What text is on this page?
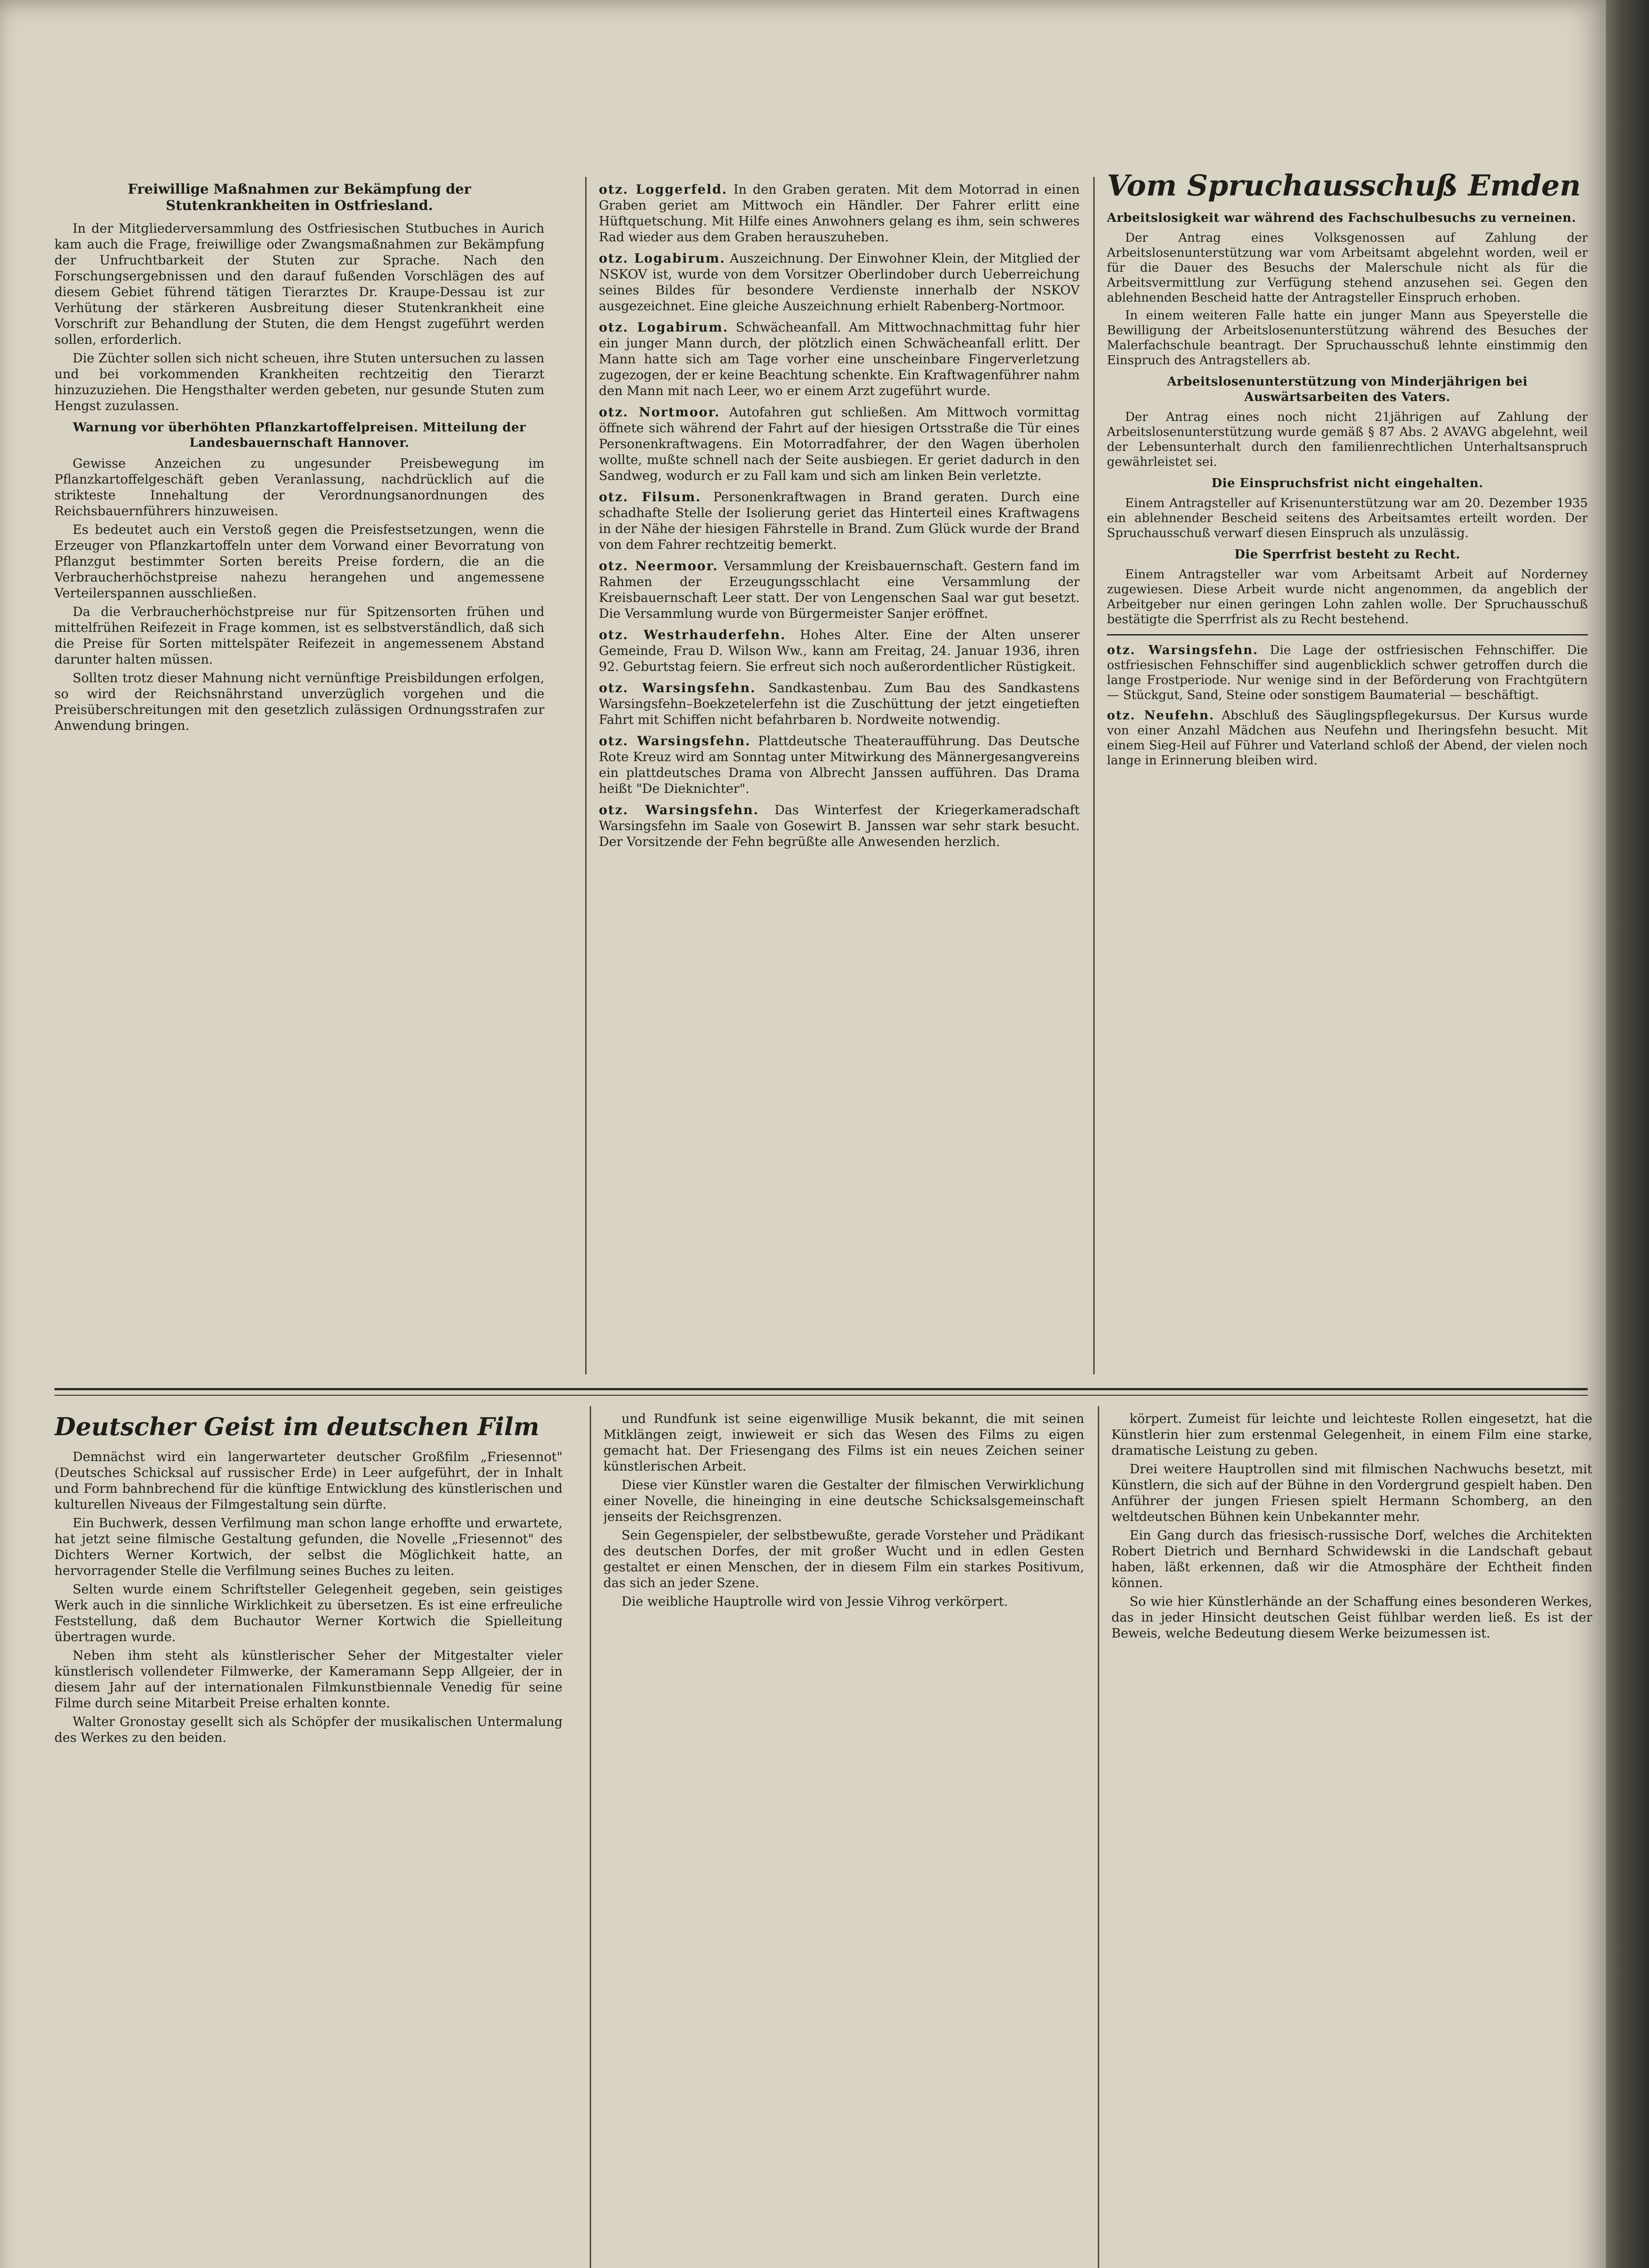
Freiwillige Maßnahmen zur Bekämpfung der Stutenkrankheiten in Ostfriesland.

In der Mitgliederversammlung des Ostfriesischen Stutbuches in Aurich kam auch die Frage, freiwillige oder Zwangsmaßnahmen zur Bekämpfung der Unfruchtbarkeit der Stuten zur Sprache. Nach den Forschungsergebnissen und den darauf fußenden Vorschlägen des auf diesem Gebiet führend tätigen Tierarztes Dr. Kraupe-Dessau ist zur Verhütung der stärkeren Ausbreitung dieser Stutenkrankheit eine Vorschrift zur Behandlung der Stuten, die dem Hengst zugeführt werden sollen, erforderlich.

Die Züchter sollen sich nicht scheuen, ihre Stuten untersuchen zu lassen und bei vorkommenden Krankheiten rechtzeitig den Tierarzt hinzuzuziehen. Die Hengsthalter werden gebeten, nur gesunde Stuten zum Hengst zuzulassen.

Warnung vor überhöhten Pflanzkartoffelpreisen. Mitteilung der Landesbauernschaft Hannover.

Gewisse Anzeichen zu ungesunder Preisbewegung im Pflanzkartoffelgeschäft geben Veranlassung, nachdrücklich auf die strikteste Innehaltung der Verordnungsanordnungen des Reichsbauernführers hinzuweisen.

Es bedeutet auch ein Verstoß gegen die Preisfestsetzungen, wenn die Erzeuger von Pflanzkartoffeln unter dem Vorwand einer Bevorratung von Pflanzgut bestimmter Sorten bereits Preise fordern, die an die Verbraucherhöchstpreise nahezu herangehen und angemessene Verteilerspannen ausschließen.

Da die Verbraucherhöchstpreise nur für Spitzensorten frühen und mittelfrühen Reifezeit in Frage kommen, ist es selbstverständlich, daß sich die Preise für Sorten mittelspäter Reifezeit in angemessenem Abstand darunter halten müssen.

Sollten trotz dieser Mahnung nicht vernünftige Preisbildungen erfolgen, so wird der Reichsnährstand unverzüglich vorgehen und die Preisüberschreitungen mit den gesetzlich zulässigen Ordnungsstrafen zur Anwendung bringen.

otz. Loggerfeld. In den Graben geraten. Mit dem Motorrad in einen Graben geriet am Mittwoch ein Händler. Der Fahrer erlitt eine Hüftquetschung. Mit Hilfe eines Anwohners gelang es ihm, sein schweres Rad wieder aus dem Graben herauszuheben.
otz. Logabirum. Auszeichnung. Der Einwohner Klein, der Mitglied der NSKOV ist, wurde von dem Vorsitzer Oberlindober durch Ueberreichung seines Bildes für besondere Verdienste innerhalb der NSKOV ausgezeichnet. Eine gleiche Auszeichnung erhielt Rabenberg-Nortmoor.
otz. Logabirum. Schwächeanfall. Am Mittwochnachmittag fuhr hier ein junger Mann durch, der plötzlich einen Schwächeanfall erlitt. Der Mann hatte sich am Tage vorher eine unscheinbare Fingerverletzung zugezogen, der er keine Beachtung schenkte. Ein Kraftwagenführer nahm den Mann mit nach Leer, wo er einem Arzt zugeführt wurde.
otz. Nortmoor. Autofahren gut schließen. Am Mittwoch vormittag öffnete sich während der Fahrt auf der hiesigen Ortsstraße die Tür eines Personenkraftwagens. Ein Motorradfahrer, der den Wagen überholen wollte, mußte schnell nach der Seite ausbiegen. Er geriet dadurch in den Sandweg, wodurch er zu Fall kam und sich am linken Bein verletzte.
otz. Filsum. Personenkraftwagen in Brand geraten. Durch eine schadhafte Stelle der Isolierung geriet das Hinterteil eines Kraftwagens in der Nähe der hiesigen Fährstelle in Brand. Zum Glück wurde der Brand von dem Fahrer rechtzeitig bemerkt.
otz. Neermoor. Versammlung der Kreisbauernschaft. Gestern fand im Rahmen der Erzeugungsschlacht eine Versammlung der Kreisbauernschaft Leer statt. Der von Lengenschen Saal war gut besetzt. Die Versammlung wurde von Bürgermeister Sanjer eröffnet.
otz. Westrhauderfehn. Hohes Alter. Eine der Alten unserer Gemeinde, Frau D. Wilson Ww., kann am Freitag, 24. Januar 1936, ihren 92. Geburtstag feiern. Sie erfreut sich noch außerordentlicher Rüstigkeit.
otz. Warsingsfehn. Sandkastenbau. Zum Bau des Sandkastens Warsingsfehn–Boekzetelerfehn ist die Zuschüttung der jetzt eingetieften Fahrt mit Schiffen nicht befahrbaren b. Nordweite notwendig.
otz. Warsingsfehn. Plattdeutsche Theateraufführung. Das Deutsche Rote Kreuz wird am Sonntag unter Mitwirkung des Männergesangvereins ein plattdeutsches Drama von Albrecht Janssen aufführen. Das Drama heißt "De Dieknichter".
otz. Warsingsfehn. Das Winterfest der Kriegerkameradschaft Warsingsfehn im Saale von Gosewirt B. Janssen war sehr stark besucht. Der Vorsitzende der Fehn begrüßte alle Anwesenden herzlich.
Vom Spruchausschuß Emden
Arbeitslosigkeit war während des Fachschulbesuchs zu verneinen.

Der Antrag eines Volksgenossen auf Zahlung der Arbeitslosenunterstützung war vom Arbeitsamt abgelehnt worden, weil er für die Dauer des Besuchs der Malerschule nicht als für die Arbeitsvermittlung zur Verfügung stehend anzusehen sei. Gegen den ablehnenden Bescheid hatte der Antragsteller Einspruch erhoben.

In einem weiteren Falle hatte ein junger Mann aus Speyerstelle die Bewilligung der Arbeitslosenunterstützung während des Besuches der Malerfachschule beantragt. Der Spruchausschuß lehnte einstimmig den Einspruch des Antragstellers ab.

Arbeitslosenunterstützung von Minderjährigen bei Auswärtsarbeiten des Vaters.

Der Antrag eines noch nicht 21jährigen auf Zahlung der Arbeitslosenunterstützung wurde gemäß § 87 Abs. 2 AVAVG abgelehnt, weil der Lebensunterhalt durch den familienrechtlichen Unterhaltsanspruch gewährleistet sei.

Die Einspruchsfrist nicht eingehalten.

Einem Antragsteller auf Krisenunterstützung war am 20. Dezember 1935 ein ablehnender Bescheid seitens des Arbeitsamtes erteilt worden. Der Spruchausschuß verwarf diesen Einspruch als unzulässig.

Die Sperrfrist besteht zu Recht.

Einem Antragsteller war vom Arbeitsamt Arbeit auf Norderney zugewiesen. Diese Arbeit wurde nicht angenommen, da angeblich der Arbeitgeber nur einen geringen Lohn zahlen wolle. Der Spruchausschuß bestätigte die Sperrfrist als zu Recht bestehend.

otz. Warsingsfehn. Die Lage der ostfriesischen Fehnschiffer. Die ostfriesischen Fehnschiffer sind augenblicklich schwer getroffen durch die lange Frostperiode. Nur wenige sind in der Beförderung von Frachtgütern — Stückgut, Sand, Steine oder sonstigem Baumaterial — beschäftigt.
otz. Neufehn. Abschluß des Säuglingspflegekursus. Der Kursus wurde von einer Anzahl Mädchen aus Neufehn und Iheringsfehn besucht. Mit einem Sieg-Heil auf Führer und Vaterland schloß der Abend, der vielen noch lange in Erinnerung bleiben wird.
Deutscher Geist im deutschen Film

Demnächst wird ein langerwarteter deutscher Großfilm „Friesennot" (Deutsches Schicksal auf russischer Erde) in Leer aufgeführt, der in Inhalt und Form bahnbrechend für die künftige Entwicklung des künstlerischen und kulturellen Niveaus der Filmgestaltung sein dürfte.

Ein Buchwerk, dessen Verfilmung man schon lange erhoffte und erwartete, hat jetzt seine filmische Gestaltung gefunden, die Novelle „Friesennot" des Dichters Werner Kortwich, der selbst die Möglichkeit hatte, an hervorragender Stelle die Verfilmung seines Buches zu leiten.

Selten wurde einem Schriftsteller Gelegenheit gegeben, sein geistiges Werk auch in die sinnliche Wirklichkeit zu übersetzen. Es ist eine erfreuliche Feststellung, daß dem Buchautor Werner Kortwich die Spielleitung übertragen wurde.

Neben ihm steht als künstlerischer Seher der Mitgestalter vieler künstlerisch vollendeter Filmwerke, der Kameramann Sepp Allgeier, der in diesem Jahr auf der internationalen Filmkunstbiennale Venedig für seine Filme durch seine Mitarbeit Preise erhalten konnte.

Walter Gronostay gesellt sich als Schöpfer der musikalischen Untermalung des Werkes zu den beiden.

und Rundfunk ist seine eigenwillige Musik bekannt, die mit seinen Mitklängen zeigt, inwieweit er sich das Wesen des Films zu eigen gemacht hat. Der Friesengang des Films ist ein neues Zeichen seiner künstlerischen Arbeit.

Diese vier Künstler waren die Gestalter der filmischen Verwirklichung einer Novelle, die hineinging in eine deutsche Schicksalsgemeinschaft jenseits der Reichsgrenzen.

Sein Gegenspieler, der selbstbewußte, gerade Vorsteher und Prädikant des deutschen Dorfes, der mit großer Wucht und in edlen Gesten gestaltet er einen Menschen, der in diesem Film ein starkes Positivum, das sich an jeder Szene.

Die weibliche Hauptrolle wird von Jessie Vihrog verkörpert.

körpert. Zumeist für leichte und leichteste Rollen eingesetzt, hat die Künstlerin hier zum erstenmal Gelegenheit, in einem Film eine starke, dramatische Leistung zu geben.

Drei weitere Hauptrollen sind mit filmischen Nachwuchs besetzt, mit Künstlern, die sich auf der Bühne in den Vordergrund gespielt haben. Den Anführer der jungen Friesen spielt Hermann Schomberg, an den weltdeutschen Bühnen kein Unbekannter mehr.

Ein Gang durch das friesisch-russische Dorf, welches die Architekten Robert Dietrich und Bernhard Schwidewski in die Landschaft gebaut haben, läßt erkennen, daß wir die Atmosphäre der Echtheit finden können.

So wie hier Künstlerhände an der Schaffung eines besonderen Werkes, das in jeder Hinsicht deutschen Geist fühlbar werden ließ. Es ist der Beweis, welche Bedeutung diesem Werke beizumessen ist.
